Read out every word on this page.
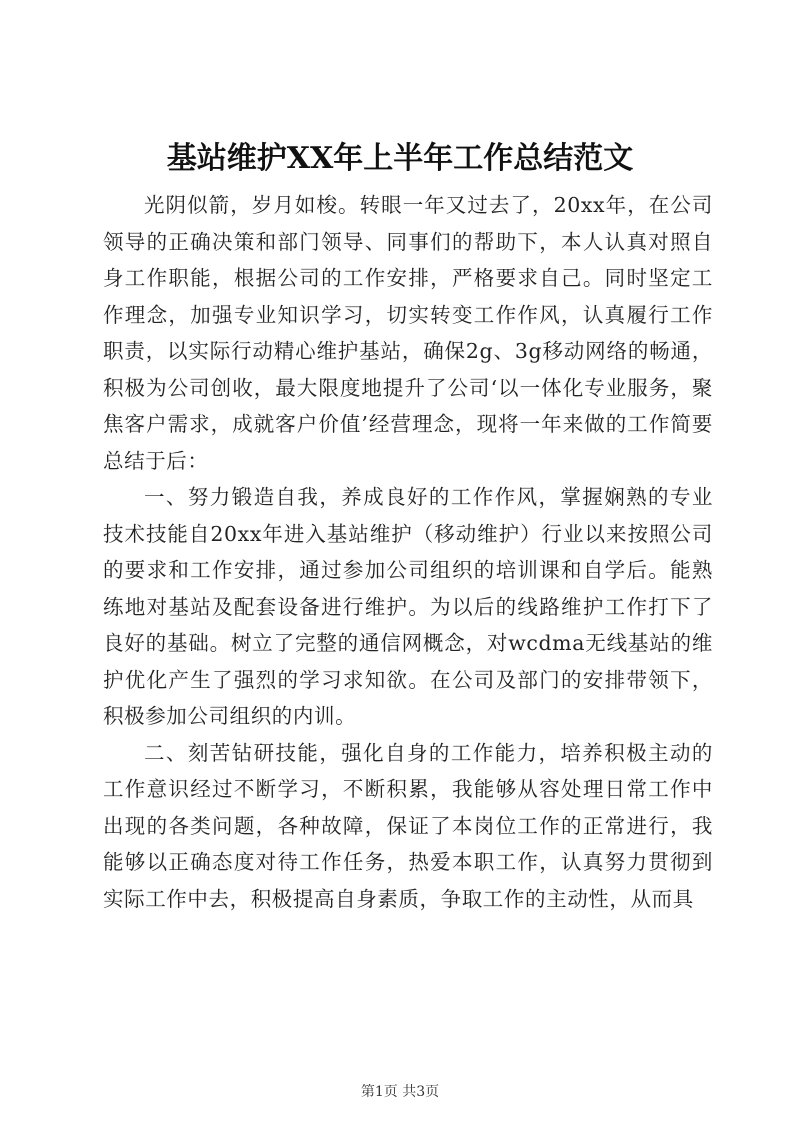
基站维护XX年上半年工作总结范文

光阴似箭，岁月如梭。转眼一年又过去了，20xx年，在公司领导的正确决策和部门领导、同事们的帮助下，本人认真对照自身工作职能，根据公司的工作安排，严格要求自己。同时坚定工作理念，加强专业知识学习，切实转变工作作风，认真履行工作职责，以实际行动精心维护基站，确保2g、3g移动网络的畅通，积极为公司创收，最大限度地提升了公司‘以一体化专业服务，聚焦客户需求，成就客户价值’经营理念，现将一年来做的工作简要总结于后：

一、努力锻造自我，养成良好的工作作风，掌握娴熟的专业技术技能自20xx年进入基站维护（移动维护）行业以来按照公司的要求和工作安排，通过参加公司组织的培训课和自学后。能熟练地对基站及配套设备进行维护。为以后的线路维护工作打下了良好的基础。树立了完整的通信网概念，对wcdma无线基站的维护优化产生了强烈的学习求知欲。在公司及部门的安排带领下，积极参加公司组织的内训。

二、刻苦钻研技能，强化自身的工作能力，培养积极主动的工作意识经过不断学习，不断积累，我能够从容处理日常工作中出现的各类问题，各种故障，保证了本岗位工作的正常进行，我能够以正确态度对待工作任务，热爱本职工作，认真努力贯彻到实际工作中去，积极提高自身素质，争取工作的主动性，从而具

第1页 共3页
